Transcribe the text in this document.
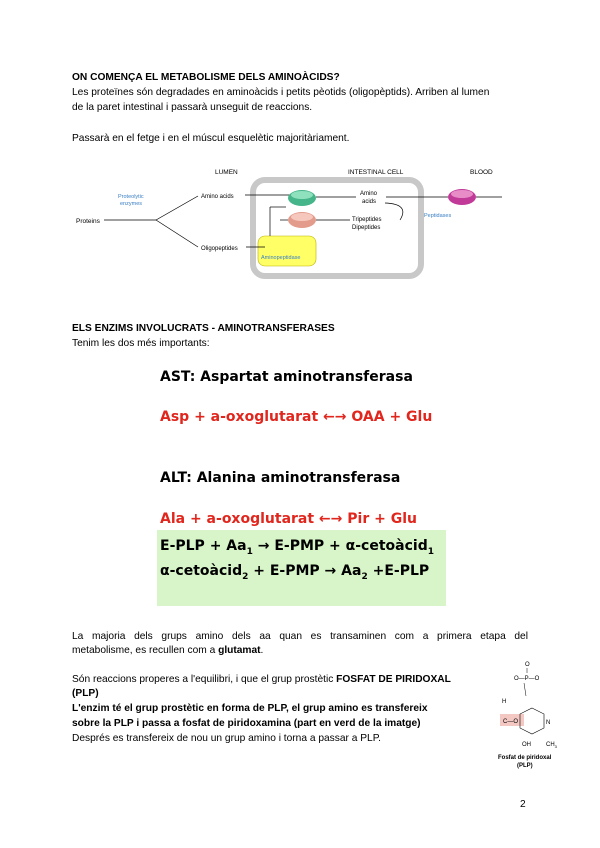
ON COMENÇA EL METABOLISME DELS AMINOÀCIDS?
Les proteïnes són degradades en aminoàcids i petits pèotids (oligopèptids). Arriben al lumen
de la paret intestinal i passarà unseguit de reaccions.
Passarà en el fetge i en el múscul esquelètic majoritàriament.
LUMEN	INTESTINAL CELL	BLOOD
Proteins
Proteolytic
enzymes
Amino acids
Oligopeptides
Aminopeptidase
Amino
acids
Tripeptides
Dipeptides
Peptidases
ELS ENZIMS INVOLUCRATS - AMINOTRANSFERASES
Tenim les dos més importants:
AST: Aspartat aminotransferasa
Asp + a-oxoglutarat ←→ OAA + Glu
ALT: Alanina aminotransferasa
Ala + a-oxoglutarat ←→ Pir + Glu
$E-PLP + Aa_1 \to E-PMP$ + α-cetoàcid$_1$
α-cetoàcid$_2$ + $E-PMP \to Aa_2 +E-PLP$
La majoria dels grups amino dels aa quan es transaminen com a primera etapa del
metabolisme, es recullen com a glutamat.
Són reaccions properes a l'equilibri, i que el grup prostètic FOSFAT DE PIRIDOXAL
(PLP)
L'enzim té el grup prostètic en forma de PLP, el grup amino es transfereix
sobre la PLP i passa a fosfat de piridoxamina (part en verd de la imatge)
Després es transfereix de nou un grup amino i torna a passar a PLP.
O
O—P—O
C—O
H
N
OH	$CH_3$
Fosfat de piridoxal
(PLP)
2
